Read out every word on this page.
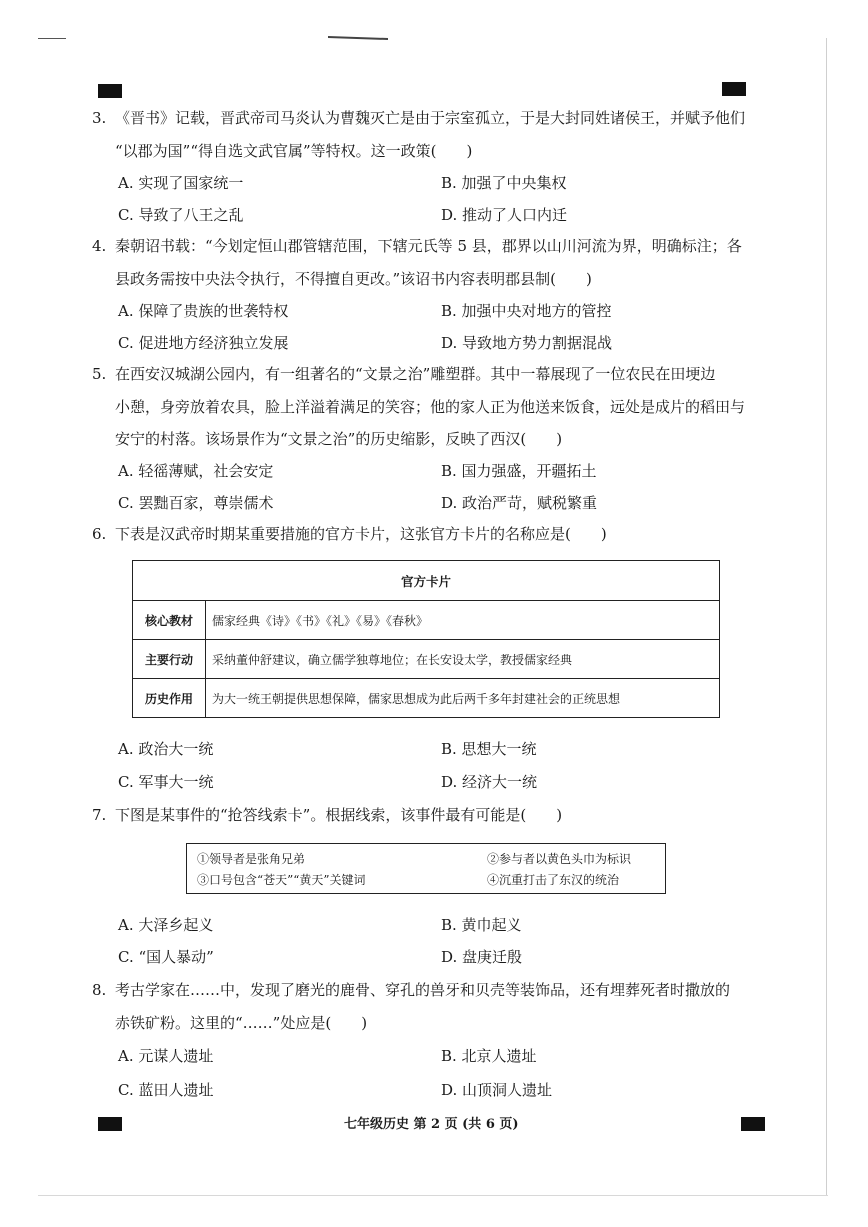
3. 《晋书》记载，晋武帝司马炎认为曹魏灭亡是由于宗室孤立，于是大封同姓诸侯王，并赋予他们
“以郡为国”“得自选文武官属”等特权。这一政策(　　)
A. 实现了国家统一	B. 加强了中央集权
C. 导致了八王之乱	D. 推动了人口内迁
4. 秦朝诏书载：“今划定恒山郡管辖范围，下辖元氏等 5 县，郡界以山川河流为界，明确标注；各
县政务需按中央法令执行，不得擅自更改。”该诏书内容表明郡县制(　　)
A. 保障了贵族的世袭特权	B. 加强中央对地方的管控
C. 促进地方经济独立发展	D. 导致地方势力割据混战
5. 在西安汉城湖公园内，有一组著名的“文景之治”雕塑群。其中一幕展现了一位农民在田埂边
小憩，身旁放着农具，脸上洋溢着满足的笑容；他的家人正为他送来饭食，远处是成片的稻田与
安宁的村落。该场景作为“文景之治”的历史缩影，反映了西汉(　　)
A. 轻徭薄赋，社会安定	B. 国力强盛，开疆拓土
C. 罢黜百家，尊崇儒术	D. 政治严苛，赋税繁重
6. 下表是汉武帝时期某重要措施的官方卡片，这张官方卡片的名称应是(　　)
官方卡片	
核心教材	儒家经典《诗》《书》《礼》《易》《春秋》
主要行动	采纳董仲舒建议，确立儒学独尊地位；在长安设太学，教授儒家经典
历史作用	为大一统王朝提供思想保障，儒家思想成为此后两千多年封建社会的正统思想
A. 政治大一统	B. 思想大一统
C. 军事大一统	D. 经济大一统
7. 下图是某事件的“抢答线索卡”。根据线索，该事件最有可能是(　　)
①领导者是张角兄弟	②参与者以黄色头巾为标识
③口号包含“苍天”“黄天”关键词	④沉重打击了东汉的统治
A. 大泽乡起义	B. 黄巾起义
C. “国人暴动”	D. 盘庚迁殷
8. 考古学家在……中，发现了磨光的鹿骨、穿孔的兽牙和贝壳等装饰品，还有埋葬死者时撒放的
赤铁矿粉。这里的“……”处应是(　　)
A. 元谋人遗址	B. 北京人遗址
C. 蓝田人遗址	D. 山顶洞人遗址
七年级历史 第 2 页 (共 6 页)
